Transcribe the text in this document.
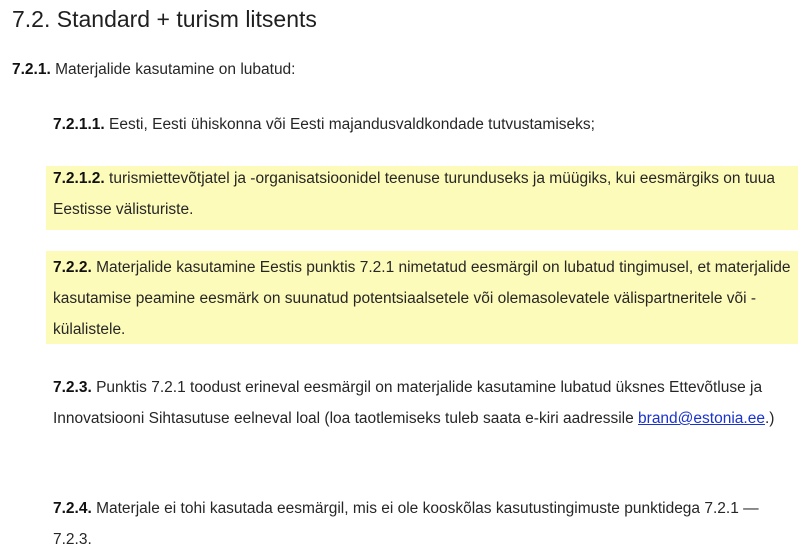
7.2. Standard + turism litsents

7.2.1. Materjalide kasutamine on lubatud:

7.2.1.1. Eesti, Eesti ühiskonna või Eesti majandusvaldkondade tutvustamiseks;

7.2.1.2. turismiettevõtjatel ja -organisatsioonidel teenuse turunduseks ja müügiks, kui eesmärgiks on tuua Eestisse välisturiste.

7.2.2. Materjalide kasutamine Eestis punktis 7.2.1 nimetatud eesmärgil on lubatud tingimusel, et materjalide kasutamise peamine eesmärk on suunatud potentsiaalsetele või olemasolevatele välispartneritele või -külalistele.

7.2.3. Punktis 7.2.1 toodust erineval eesmärgil on materjalide kasutamine lubatud üksnes Ettevõtluse ja Innovatsiooni Sihtasutuse eelneval loal (loa taotlemiseks tuleb saata e-kiri aadressile brand@estonia.ee.)

7.2.4. Materjale ei tohi kasutada eesmärgil, mis ei ole kooskõlas kasutustingimuste punktidega 7.2.1 — 7.2.3.
